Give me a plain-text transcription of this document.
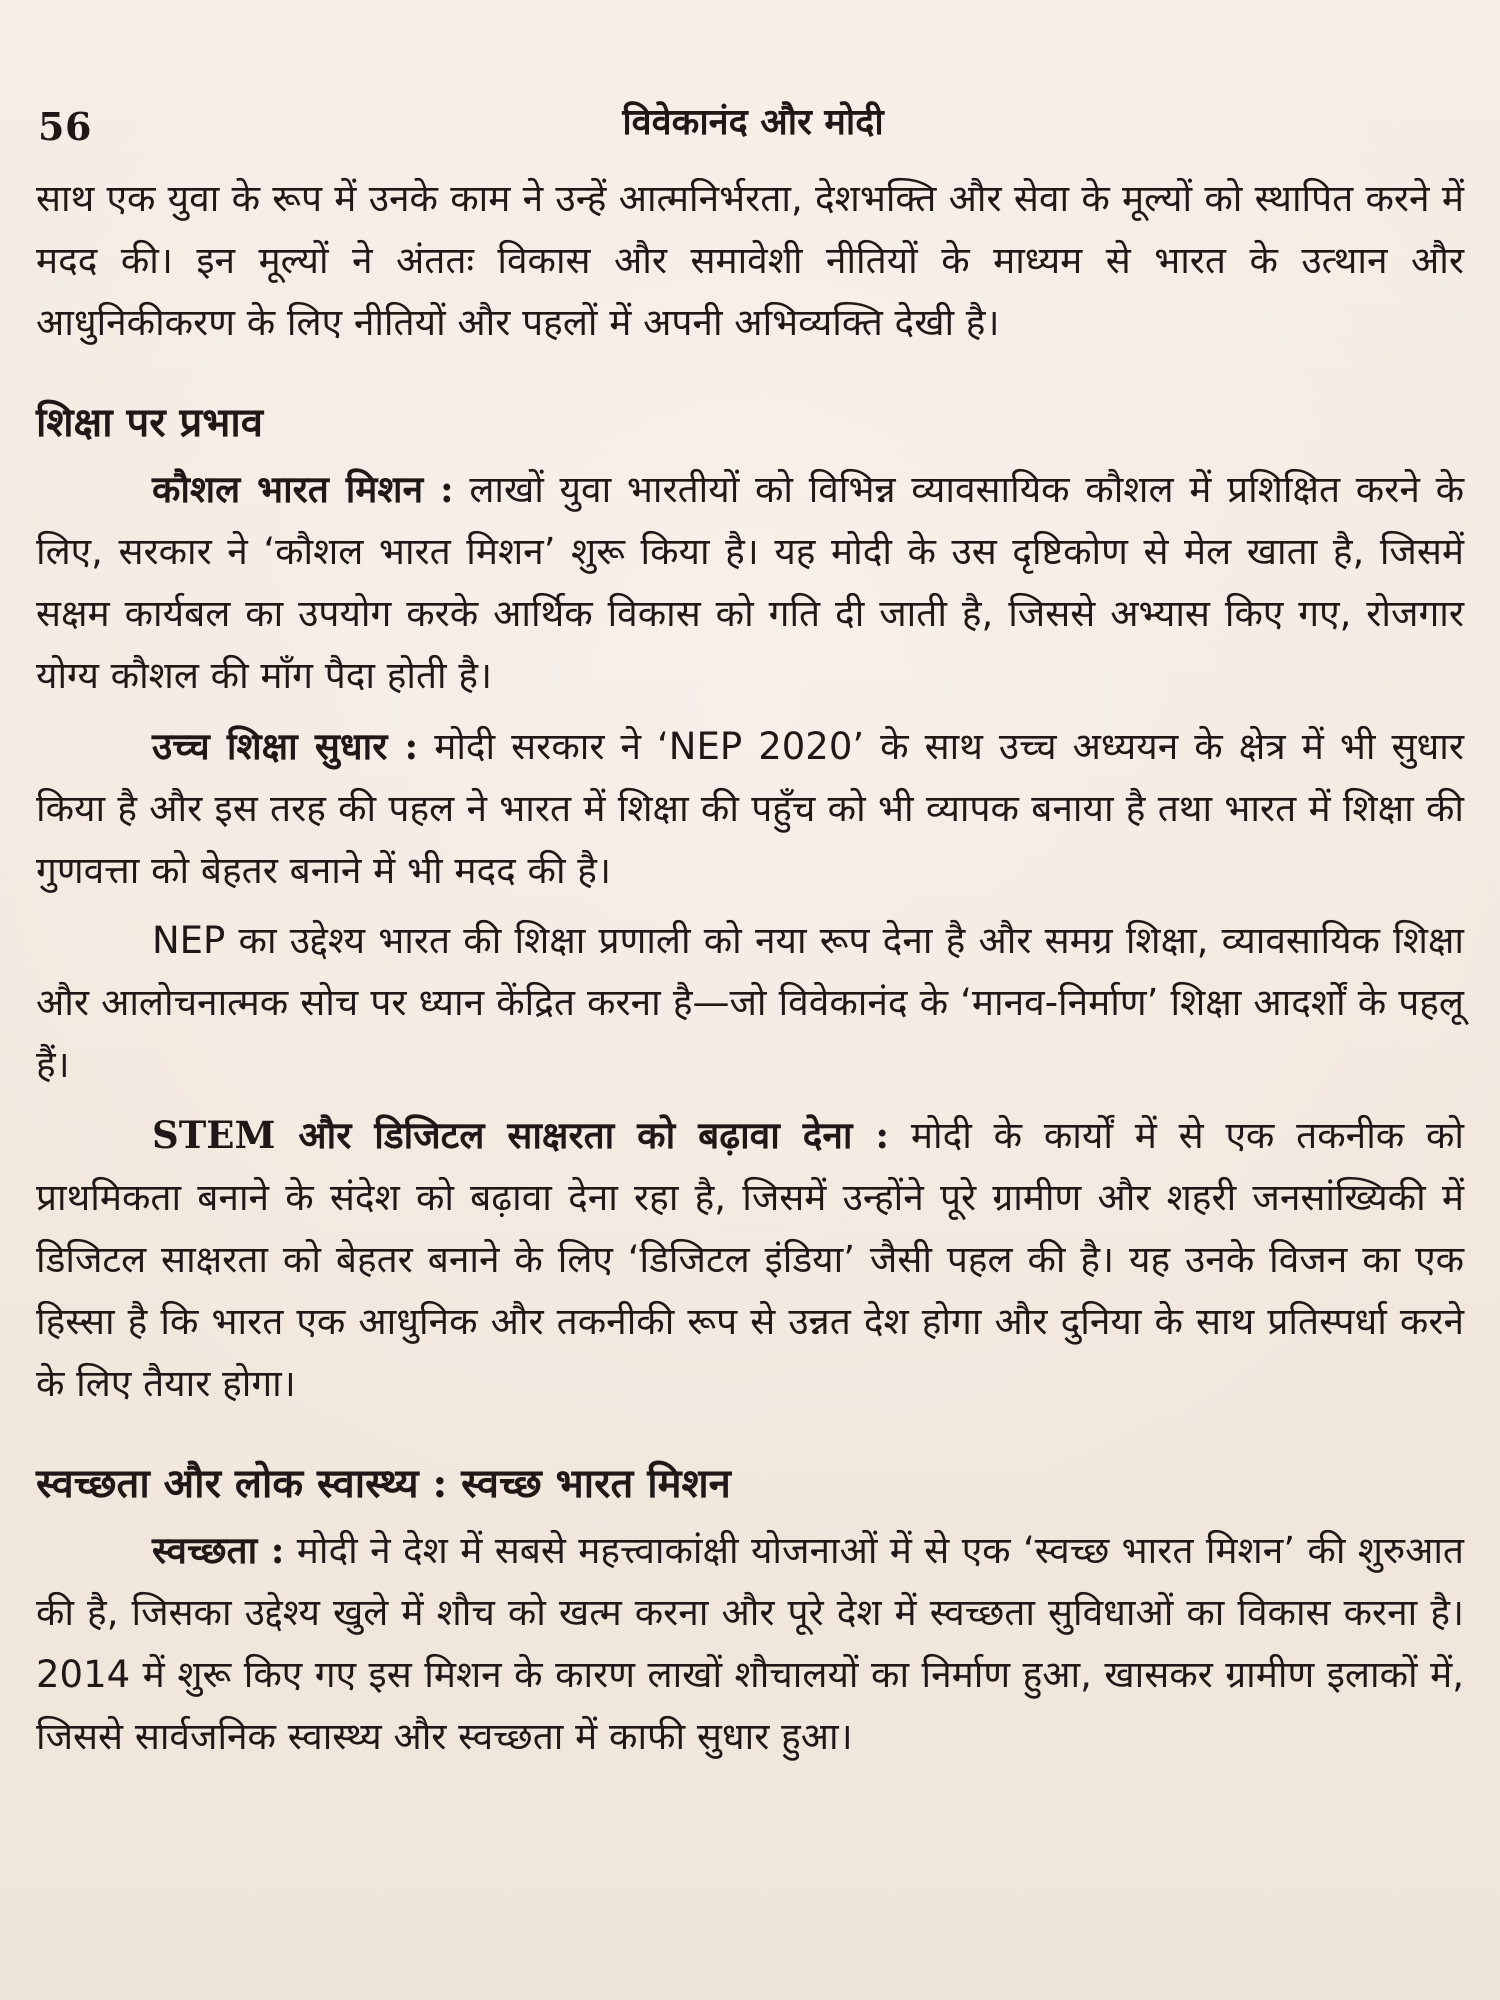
56	विवेकानंद और मोदी

साथ एक युवा के रूप में उनके काम ने उन्हें आत्मनिर्भरता, देशभक्ति और सेवा के मूल्यों को स्थापित करने में मदद की। इन मूल्यों ने अंततः विकास और समावेशी नीतियों के माध्यम से भारत के उत्थान और आधुनिकीकरण के लिए नीतियों और पहलों में अपनी अभिव्यक्ति देखी है।

शिक्षा पर प्रभाव

कौशल भारत मिशन : लाखों युवा भारतीयों को विभिन्न व्यावसायिक कौशल में प्रशिक्षित करने के लिए, सरकार ने ‘कौशल भारत मिशन’ शुरू किया है। यह मोदी के उस दृष्टिकोण से मेल खाता है, जिसमें सक्षम कार्यबल का उपयोग करके आर्थिक विकास को गति दी जाती है, जिससे अभ्यास किए गए, रोजगार योग्य कौशल की माँग पैदा होती है।

उच्च शिक्षा सुधार : मोदी सरकार ने ‘NEP 2020’ के साथ उच्च अध्ययन के क्षेत्र में भी सुधार किया है और इस तरह की पहल ने भारत में शिक्षा की पहुँच को भी व्यापक बनाया है तथा भारत में शिक्षा की गुणवत्ता को बेहतर बनाने में भी मदद की है।

NEP का उद्देश्य भारत की शिक्षा प्रणाली को नया रूप देना है और समग्र शिक्षा, व्यावसायिक शिक्षा और आलोचनात्मक सोच पर ध्यान केंद्रित करना है—जो विवेकानंद के ‘मानव-निर्माण’ शिक्षा आदर्शों के पहलू हैं।

STEM और डिजिटल साक्षरता को बढ़ावा देना : मोदी के कार्यों में से एक तकनीक को प्राथमिकता बनाने के संदेश को बढ़ावा देना रहा है, जिसमें उन्होंने पूरे ग्रामीण और शहरी जनसांख्यिकी में डिजिटल साक्षरता को बेहतर बनाने के लिए ‘डिजिटल इंडिया’ जैसी पहल की है। यह उनके विजन का एक हिस्सा है कि भारत एक आधुनिक और तकनीकी रूप से उन्नत देश होगा और दुनिया के साथ प्रतिस्पर्धा करने के लिए तैयार होगा।

स्वच्छता और लोक स्वास्थ्य : स्वच्छ भारत मिशन

स्वच्छता : मोदी ने देश में सबसे महत्त्वाकांक्षी योजनाओं में से एक ‘स्वच्छ भारत मिशन’ की शुरुआत की है, जिसका उद्देश्य खुले में शौच को खत्म करना और पूरे देश में स्वच्छता सुविधाओं का विकास करना है। 2014 में शुरू किए गए इस मिशन के कारण लाखों शौचालयों का निर्माण हुआ, खासकर ग्रामीण इलाकों में, जिससे सार्वजनिक स्वास्थ्य और स्वच्छता में काफी सुधार हुआ।
